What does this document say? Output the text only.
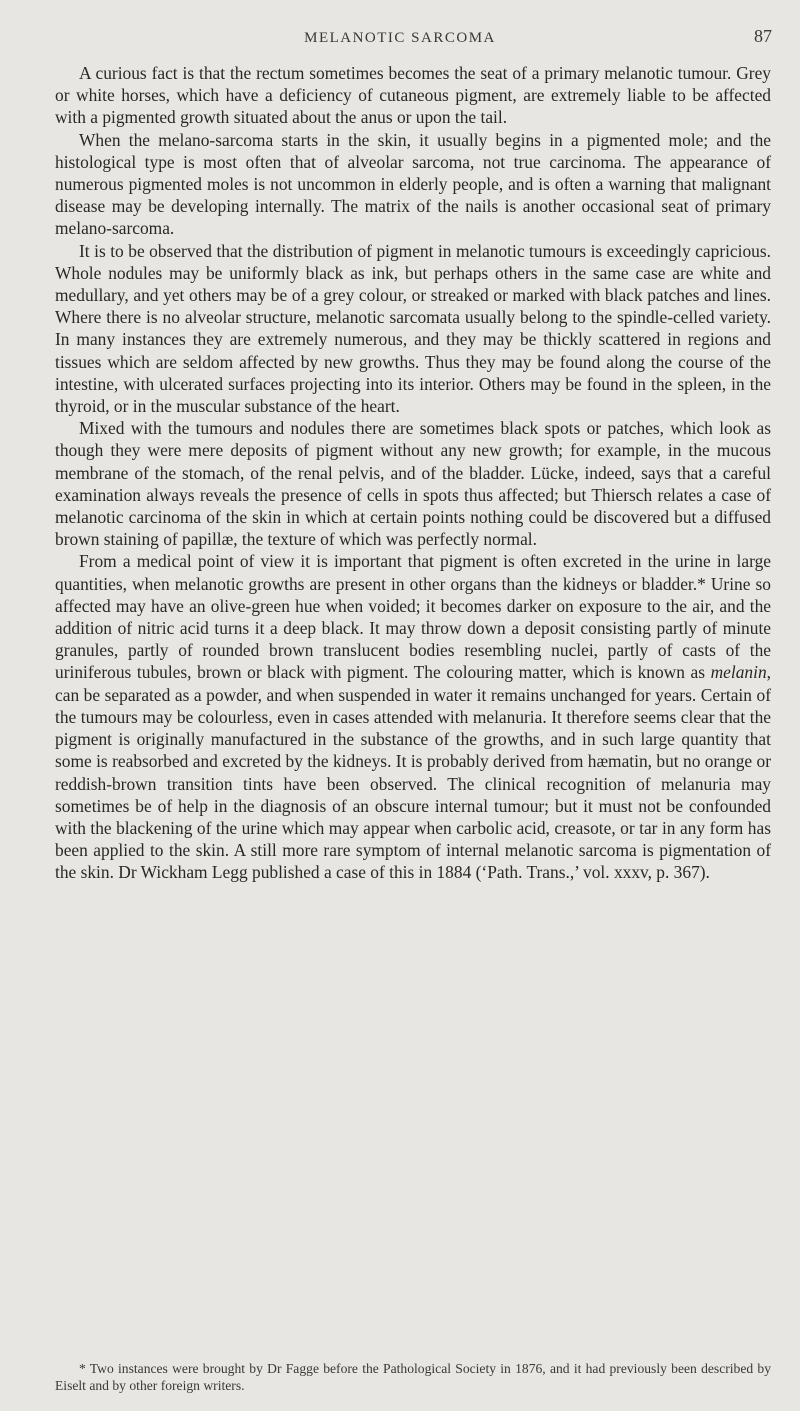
MELANOTIC SARCOMA	87

A curious fact is that the rectum sometimes becomes the seat of a primary melanotic tumour. Grey or white horses, which have a deficiency of cutaneous pigment, are extremely liable to be affected with a pigmented growth situated about the anus or upon the tail.

When the melano-sarcoma starts in the skin, it usually begins in a pigmented mole; and the histological type is most often that of alveolar sarcoma, not true carcinoma. The appearance of numerous pigmented moles is not uncommon in elderly people, and is often a warning that malignant disease may be developing internally. The matrix of the nails is another occasional seat of primary melano-sarcoma.

It is to be observed that the distribution of pigment in melanotic tumours is exceedingly capricious. Whole nodules may be uniformly black as ink, but perhaps others in the same case are white and medullary, and yet others may be of a grey colour, or streaked or marked with black patches and lines. Where there is no alveolar structure, melanotic sarcomata usually belong to the spindle-celled variety. In many instances they are extremely numerous, and they may be thickly scattered in regions and tissues which are seldom affected by new growths. Thus they may be found along the course of the intestine, with ulcerated surfaces projecting into its interior. Others may be found in the spleen, in the thyroid, or in the muscular substance of the heart.

Mixed with the tumours and nodules there are sometimes black spots or patches, which look as though they were mere deposits of pigment without any new growth; for example, in the mucous membrane of the stomach, of the renal pelvis, and of the bladder. Lücke, indeed, says that a careful examination always reveals the presence of cells in spots thus affected; but Thiersch relates a case of melanotic carcinoma of the skin in which at certain points nothing could be discovered but a diffused brown staining of papillæ, the texture of which was perfectly normal.

From a medical point of view it is important that pigment is often excreted in the urine in large quantities, when melanotic growths are present in other organs than the kidneys or bladder.* Urine so affected may have an olive-green hue when voided; it becomes darker on exposure to the air, and the addition of nitric acid turns it a deep black. It may throw down a deposit consisting partly of minute granules, partly of rounded brown translucent bodies resembling nuclei, partly of casts of the uriniferous tubules, brown or black with pigment. The colouring matter, which is known as melanin, can be separated as a powder, and when suspended in water it remains unchanged for years. Certain of the tumours may be colourless, even in cases attended with melanuria. It therefore seems clear that the pigment is originally manufactured in the substance of the growths, and in such large quantity that some is reabsorbed and excreted by the kidneys. It is probably derived from hæmatin, but no orange or reddish-brown transition tints have been observed. The clinical recognition of melanuria may sometimes be of help in the diagnosis of an obscure internal tumour; but it must not be confounded with the blackening of the urine which may appear when carbolic acid, creasote, or tar in any form has been applied to the skin. A still more rare symptom of internal melanotic sarcoma is pigmentation of the skin. Dr Wickham Legg published a case of this in 1884 (‘Path. Trans.,’ vol. xxxv, p. 367).

* Two instances were brought by Dr Fagge before the Pathological Society in 1876, and it had previously been described by Eiselt and by other foreign writers.
